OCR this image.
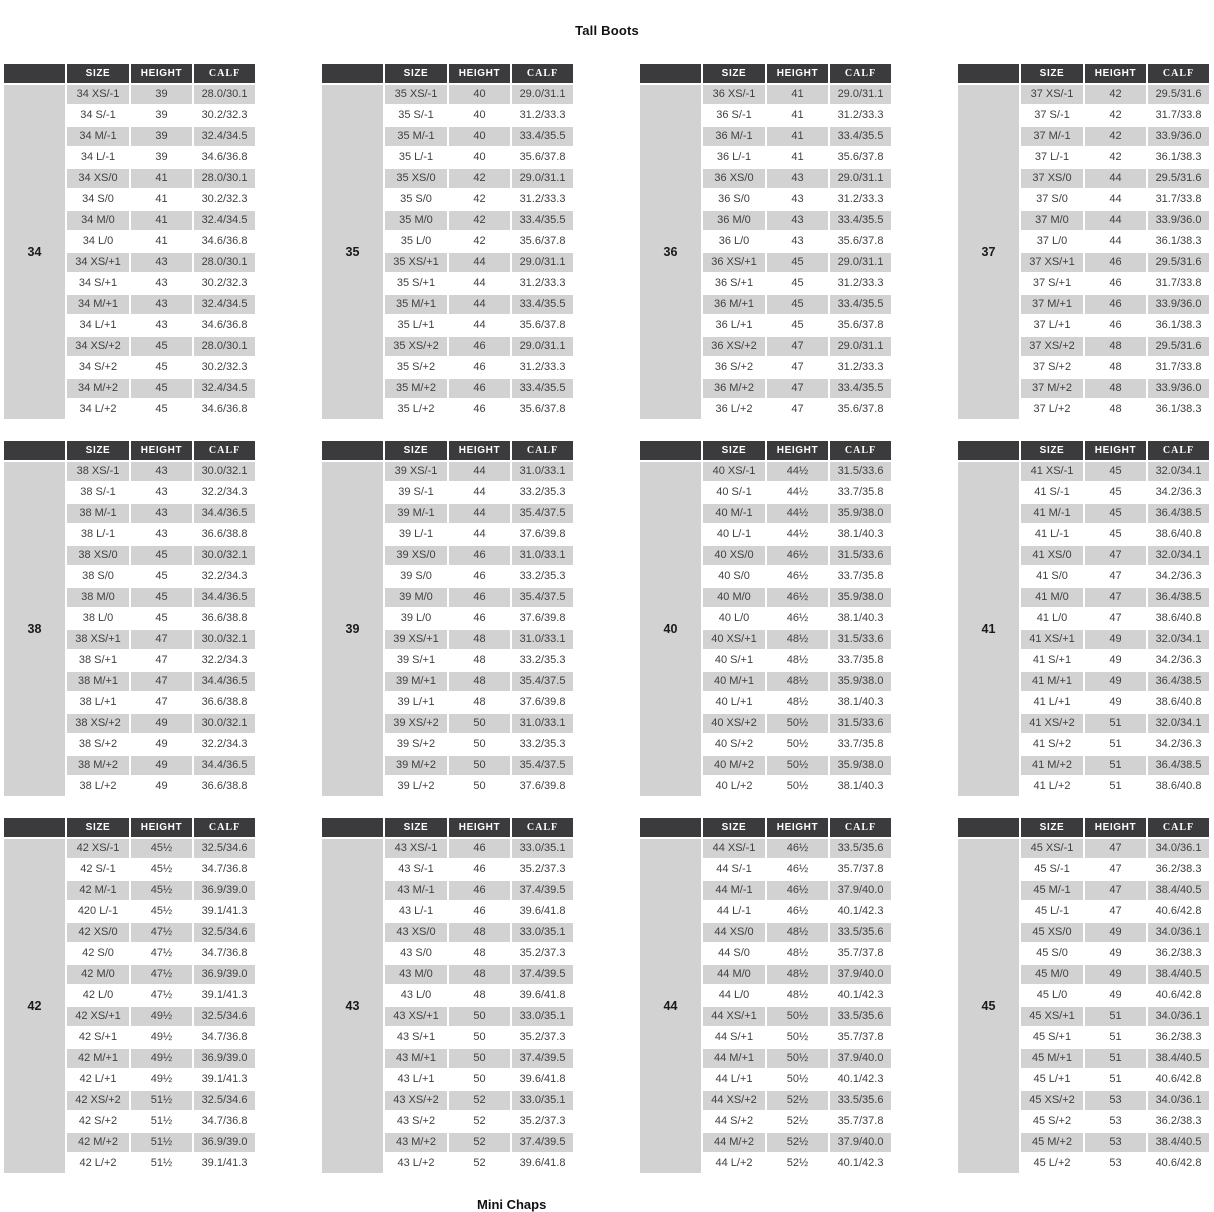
Tall Boots
	SIZE	HEIGHT	CALF
34	34 XS/-1	39	28.0/30.1
	34 S/-1	39	30.2/32.3
	34 M/-1	39	32.4/34.5
	34 L/-1	39	34.6/36.8
	34 XS/0	41	28.0/30.1
	34 S/0	41	30.2/32.3
	34 M/0	41	32.4/34.5
	34 L/0	41	34.6/36.8
	34 XS/+1	43	28.0/30.1
	34 S/+1	43	30.2/32.3
	34 M/+1	43	32.4/34.5
	34 L/+1	43	34.6/36.8
	34 XS/+2	45	28.0/30.1
	34 S/+2	45	30.2/32.3
	34 M/+2	45	32.4/34.5
	34 L/+2	45	34.6/36.8
	SIZE	HEIGHT	CALF
35	35 XS/-1	40	29.0/31.1
	35 S/-1	40	31.2/33.3
	35 M/-1	40	33.4/35.5
	35 L/-1	40	35.6/37.8
	35 XS/0	42	29.0/31.1
	35 S/0	42	31.2/33.3
	35 M/0	42	33.4/35.5
	35 L/0	42	35.6/37.8
	35 XS/+1	44	29.0/31.1
	35 S/+1	44	31.2/33.3
	35 M/+1	44	33.4/35.5
	35 L/+1	44	35.6/37.8
	35 XS/+2	46	29.0/31.1
	35 S/+2	46	31.2/33.3
	35 M/+2	46	33.4/35.5
	35 L/+2	46	35.6/37.8
	SIZE	HEIGHT	CALF
36	36 XS/-1	41	29.0/31.1
	36 S/-1	41	31.2/33.3
	36 M/-1	41	33.4/35.5
	36 L/-1	41	35.6/37.8
	36 XS/0	43	29.0/31.1
	36 S/0	43	31.2/33.3
	36 M/0	43	33.4/35.5
	36 L/0	43	35.6/37.8
	36 XS/+1	45	29.0/31.1
	36 S/+1	45	31.2/33.3
	36 M/+1	45	33.4/35.5
	36 L/+1	45	35.6/37.8
	36 XS/+2	47	29.0/31.1
	36 S/+2	47	31.2/33.3
	36 M/+2	47	33.4/35.5
	36 L/+2	47	35.6/37.8
	SIZE	HEIGHT	CALF
37	37 XS/-1	42	29.5/31.6
	37 S/-1	42	31.7/33.8
	37 M/-1	42	33.9/36.0
	37 L/-1	42	36.1/38.3
	37 XS/0	44	29.5/31.6
	37 S/0	44	31.7/33.8
	37 M/0	44	33.9/36.0
	37 L/0	44	36.1/38.3
	37 XS/+1	46	29.5/31.6
	37 S/+1	46	31.7/33.8
	37 M/+1	46	33.9/36.0
	37 L/+1	46	36.1/38.3
	37 XS/+2	48	29.5/31.6
	37 S/+2	48	31.7/33.8
	37 M/+2	48	33.9/36.0
	37 L/+2	48	36.1/38.3
	SIZE	HEIGHT	CALF
38	38 XS/-1	43	30.0/32.1
	38 S/-1	43	32.2/34.3
	38 M/-1	43	34.4/36.5
	38 L/-1	43	36.6/38.8
	38 XS/0	45	30.0/32.1
	38 S/0	45	32.2/34.3
	38 M/0	45	34.4/36.5
	38 L/0	45	36.6/38.8
	38 XS/+1	47	30.0/32.1
	38 S/+1	47	32.2/34.3
	38 M/+1	47	34.4/36.5
	38 L/+1	47	36.6/38.8
	38 XS/+2	49	30.0/32.1
	38 S/+2	49	32.2/34.3
	38 M/+2	49	34.4/36.5
	38 L/+2	49	36.6/38.8
	SIZE	HEIGHT	CALF
39	39 XS/-1	44	31.0/33.1
	39 S/-1	44	33.2/35.3
	39 M/-1	44	35.4/37.5
	39 L/-1	44	37.6/39.8
	39 XS/0	46	31.0/33.1
	39 S/0	46	33.2/35.3
	39 M/0	46	35.4/37.5
	39 L/0	46	37.6/39.8
	39 XS/+1	48	31.0/33.1
	39 S/+1	48	33.2/35.3
	39 M/+1	48	35.4/37.5
	39 L/+1	48	37.6/39.8
	39 XS/+2	50	31.0/33.1
	39 S/+2	50	33.2/35.3
	39 M/+2	50	35.4/37.5
	39 L/+2	50	37.6/39.8
	SIZE	HEIGHT	CALF
40	40 XS/-1	44½	31.5/33.6
	40 S/-1	44½	33.7/35.8
	40 M/-1	44½	35.9/38.0
	40 L/-1	44½	38.1/40.3
	40 XS/0	46½	31.5/33.6
	40 S/0	46½	33.7/35.8
	40 M/0	46½	35.9/38.0
	40 L/0	46½	38.1/40.3
	40 XS/+1	48½	31.5/33.6
	40 S/+1	48½	33.7/35.8
	40 M/+1	48½	35.9/38.0
	40 L/+1	48½	38.1/40.3
	40 XS/+2	50½	31.5/33.6
	40 S/+2	50½	33.7/35.8
	40 M/+2	50½	35.9/38.0
	40 L/+2	50½	38.1/40.3
	SIZE	HEIGHT	CALF
41	41 XS/-1	45	32.0/34.1
	41 S/-1	45	34.2/36.3
	41 M/-1	45	36.4/38.5
	41 L/-1	45	38.6/40.8
	41 XS/0	47	32.0/34.1
	41 S/0	47	34.2/36.3
	41 M/0	47	36.4/38.5
	41 L/0	47	38.6/40.8
	41 XS/+1	49	32.0/34.1
	41 S/+1	49	34.2/36.3
	41 M/+1	49	36.4/38.5
	41 L/+1	49	38.6/40.8
	41 XS/+2	51	32.0/34.1
	41 S/+2	51	34.2/36.3
	41 M/+2	51	36.4/38.5
	41 L/+2	51	38.6/40.8
	SIZE	HEIGHT	CALF
42	42 XS/-1	45½	32.5/34.6
	42 S/-1	45½	34.7/36.8
	42 M/-1	45½	36.9/39.0
	420 L/-1	45½	39.1/41.3
	42 XS/0	47½	32.5/34.6
	42 S/0	47½	34.7/36.8
	42 M/0	47½	36.9/39.0
	42 L/0	47½	39.1/41.3
	42 XS/+1	49½	32.5/34.6
	42 S/+1	49½	34.7/36.8
	42 M/+1	49½	36.9/39.0
	42 L/+1	49½	39.1/41.3
	42 XS/+2	51½	32.5/34.6
	42 S/+2	51½	34.7/36.8
	42 M/+2	51½	36.9/39.0
	42 L/+2	51½	39.1/41.3
	SIZE	HEIGHT	CALF
43	43 XS/-1	46	33.0/35.1
	43 S/-1	46	35.2/37.3
	43 M/-1	46	37.4/39.5
	43 L/-1	46	39.6/41.8
	43 XS/0	48	33.0/35.1
	43 S/0	48	35.2/37.3
	43 M/0	48	37.4/39.5
	43 L/0	48	39.6/41.8
	43 XS/+1	50	33.0/35.1
	43 S/+1	50	35.2/37.3
	43 M/+1	50	37.4/39.5
	43 L/+1	50	39.6/41.8
	43 XS/+2	52	33.0/35.1
	43 S/+2	52	35.2/37.3
	43 M/+2	52	37.4/39.5
	43 L/+2	52	39.6/41.8
	SIZE	HEIGHT	CALF
44	44 XS/-1	46½	33.5/35.6
	44 S/-1	46½	35.7/37.8
	44 M/-1	46½	37.9/40.0
	44 L/-1	46½	40.1/42.3
	44 XS/0	48½	33.5/35.6
	44 S/0	48½	35.7/37.8
	44 M/0	48½	37.9/40.0
	44 L/0	48½	40.1/42.3
	44 XS/+1	50½	33.5/35.6
	44 S/+1	50½	35.7/37.8
	44 M/+1	50½	37.9/40.0
	44 L/+1	50½	40.1/42.3
	44 XS/+2	52½	33.5/35.6
	44 S/+2	52½	35.7/37.8
	44 M/+2	52½	37.9/40.0
	44 L/+2	52½	40.1/42.3
	SIZE	HEIGHT	CALF
45	45 XS/-1	47	34.0/36.1
	45 S/-1	47	36.2/38.3
	45 M/-1	47	38.4/40.5
	45 L/-1	47	40.6/42.8
	45 XS/0	49	34.0/36.1
	45 S/0	49	36.2/38.3
	45 M/0	49	38.4/40.5
	45 L/0	49	40.6/42.8
	45 XS/+1	51	34.0/36.1
	45 S/+1	51	36.2/38.3
	45 M/+1	51	38.4/40.5
	45 L/+1	51	40.6/42.8
	45 XS/+2	53	34.0/36.1
	45 S/+2	53	36.2/38.3
	45 M/+2	53	38.4/40.5
	45 L/+2	53	40.6/42.8
Mini Chaps
